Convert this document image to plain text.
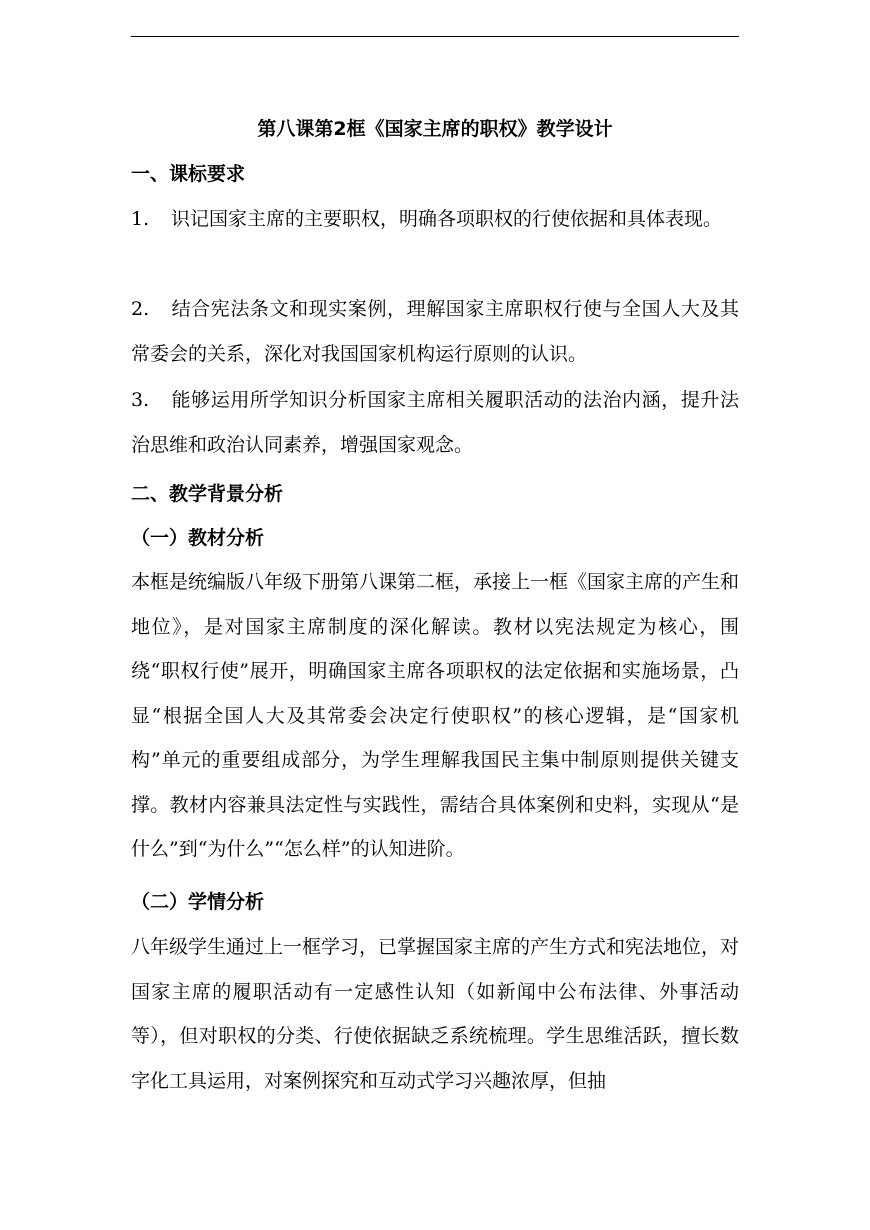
第八课第2框《国家主席的职权》教学设计
一、课标要求
1. 识记国家主席的主要职权，明确各项职权的行使依据和具体表现。
2. 结合宪法条文和现实案例，理解国家主席职权行使与全国人大及其常委会的关系，深化对我国国家机构运行原则的认识。
3. 能够运用所学知识分析国家主席相关履职活动的法治内涵，提升法治思维和政治认同素养，增强国家观念。
二、教学背景分析
（一）教材分析
本框是统编版八年级下册第八课第二框，承接上一框《国家主席的产生和地位》，是对国家主席制度的深化解读。教材以宪法规定为核心，围绕“职权行使”展开，明确国家主席各项职权的法定依据和实施场景，凸显“根据全国人大及其常委会决定行使职权”的核心逻辑，是“国家机构”单元的重要组成部分，为学生理解我国民主集中制原则提供关键支撑。教材内容兼具法定性与实践性，需结合具体案例和史料，实现从“是什么”到“为什么”“怎么样”的认知进阶。
（二）学情分析
八年级学生通过上一框学习，已掌握国家主席的产生方式和宪法地位，对国家主席的履职活动有一定感性认知（如新闻中公布法律、外事活动等），但对职权的分类、行使依据缺乏系统梳理。学生思维活跃，擅长数字化工具运用，对案例探究和互动式学习兴趣浓厚，但抽
